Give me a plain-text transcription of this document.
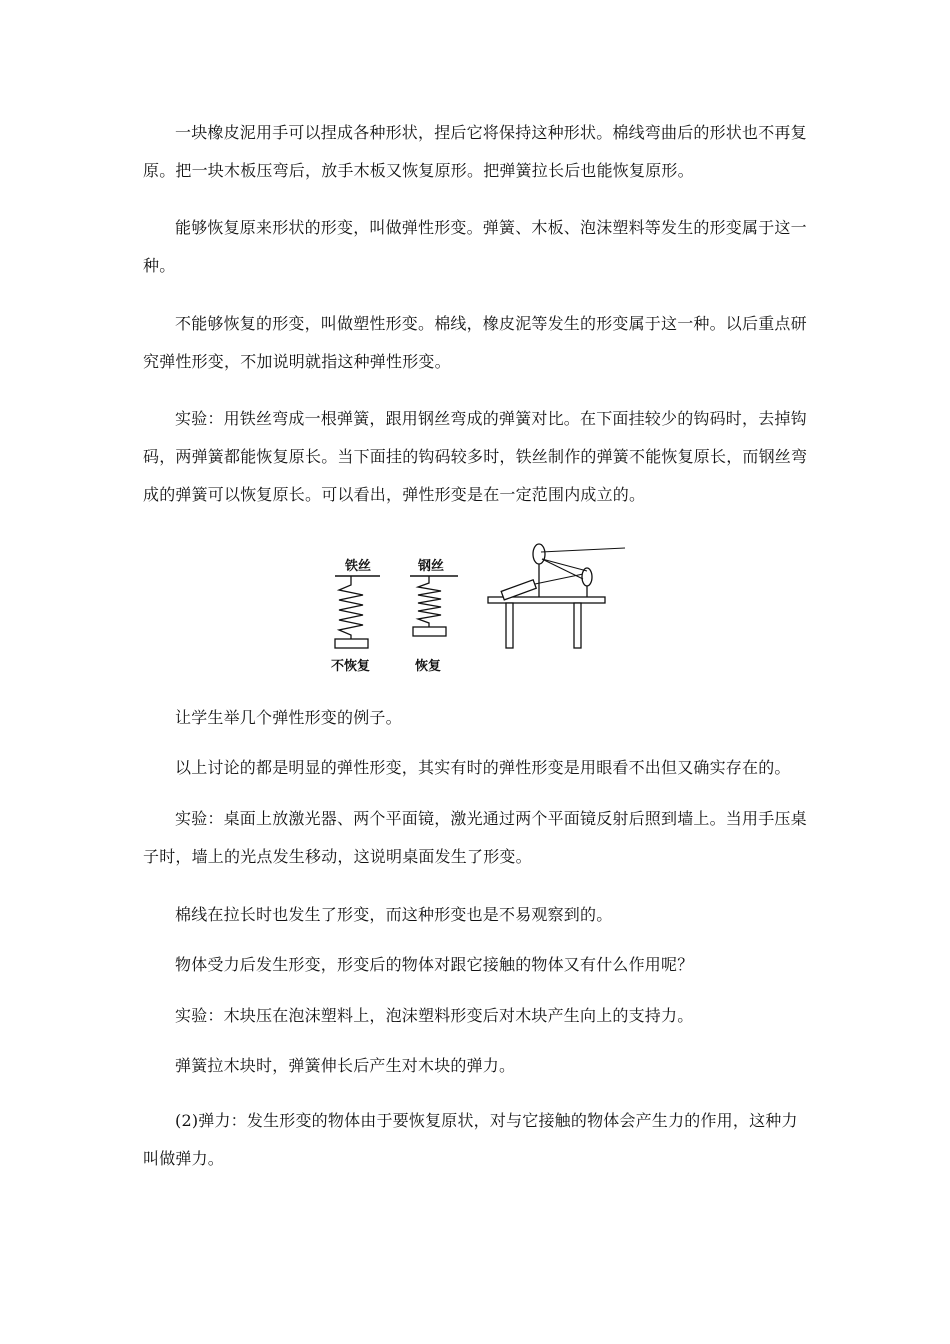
一块橡皮泥用手可以捏成各种形状，捏后它将保持这种形状。棉线弯曲后的形状也不再复原。把一块木板压弯后，放手木板又恢复原形。把弹簧拉长后也能恢复原形。

能够恢复原来形状的形变，叫做弹性形变。弹簧、木板、泡沫塑料等发生的形变属于这一种。

不能够恢复的形变，叫做塑性形变。棉线，橡皮泥等发生的形变属于这一种。以后重点研究弹性形变，不加说明就指这种弹性形变。

实验：用铁丝弯成一根弹簧，跟用钢丝弯成的弹簧对比。在下面挂较少的钩码时，去掉钩码，两弹簧都能恢复原长。当下面挂的钩码较多时，铁丝制作的弹簧不能恢复原长，而钢丝弯成的弹簧可以恢复原长。可以看出，弹性形变是在一定范围内成立的。

铁丝
不恢复
钢丝
恢复

让学生举几个弹性形变的例子。

以上讨论的都是明显的弹性形变，其实有时的弹性形变是用眼看不出但又确实存在的。

实验：桌面上放激光器、两个平面镜，激光通过两个平面镜反射后照到墙上。当用手压桌子时，墙上的光点发生移动，这说明桌面发生了形变。

棉线在拉长时也发生了形变，而这种形变也是不易观察到的。

物体受力后发生形变，形变后的物体对跟它接触的物体又有什么作用呢？

实验：木块压在泡沫塑料上，泡沫塑料形变后对木块产生向上的支持力。

弹簧拉木块时，弹簧伸长后产生对木块的弹力。

(2)弹力：发生形变的物体由于要恢复原状，对与它接触的物体会产生力的作用，这种力叫做弹力。
